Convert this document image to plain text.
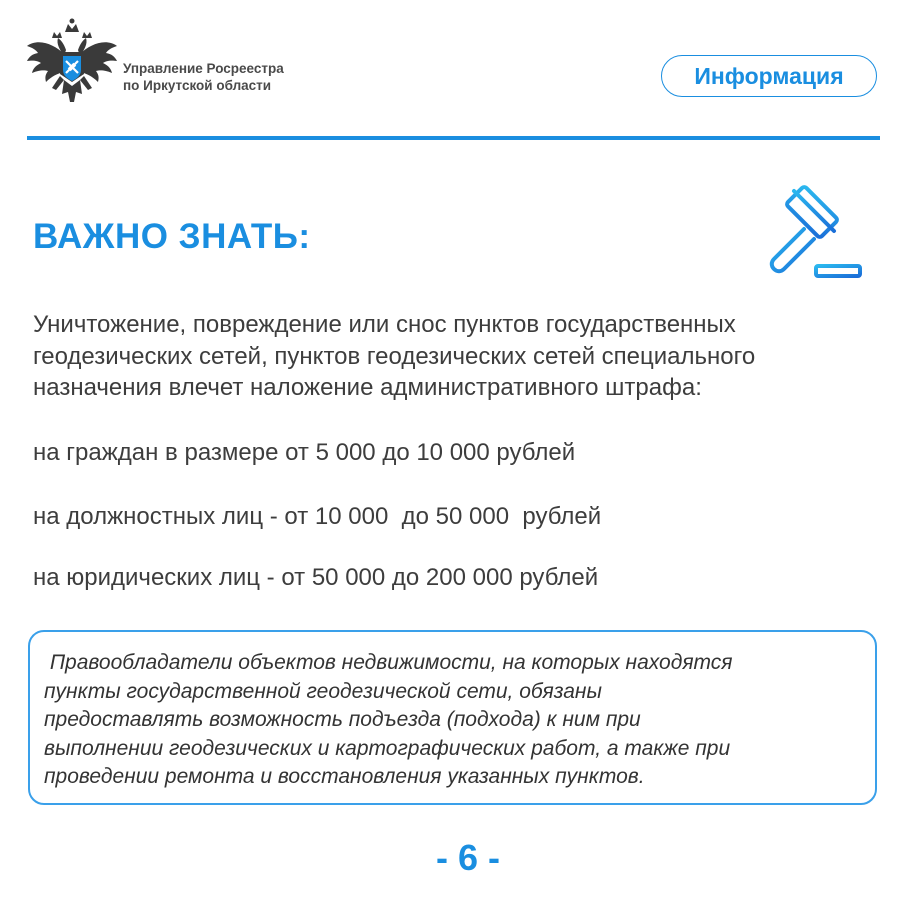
Управление Росреестра
по Иркутской области	Информация
ВАЖНО ЗНАТЬ:

Уничтожение, повреждение или снос пунктов государственных геодезических сетей, пунктов геодезических сетей специального назначения влечет наложение административного штрафа:

на граждан в размере от 5 000 до 10 000 рублей

на должностных лиц - от 10 000  до 50 000  рублей

на юридических лиц - от 50 000 до 200 000 рублей

Правообладатели объектов недвижимости, на которых находятся
пункты государственной геодезической сети, обязаны
предоставлять возможность подъезда (подхода) к ним при
выполнении геодезических и картографических работ, а также при
проведении ремонта и восстановления указанных пунктов.

- 6 -
